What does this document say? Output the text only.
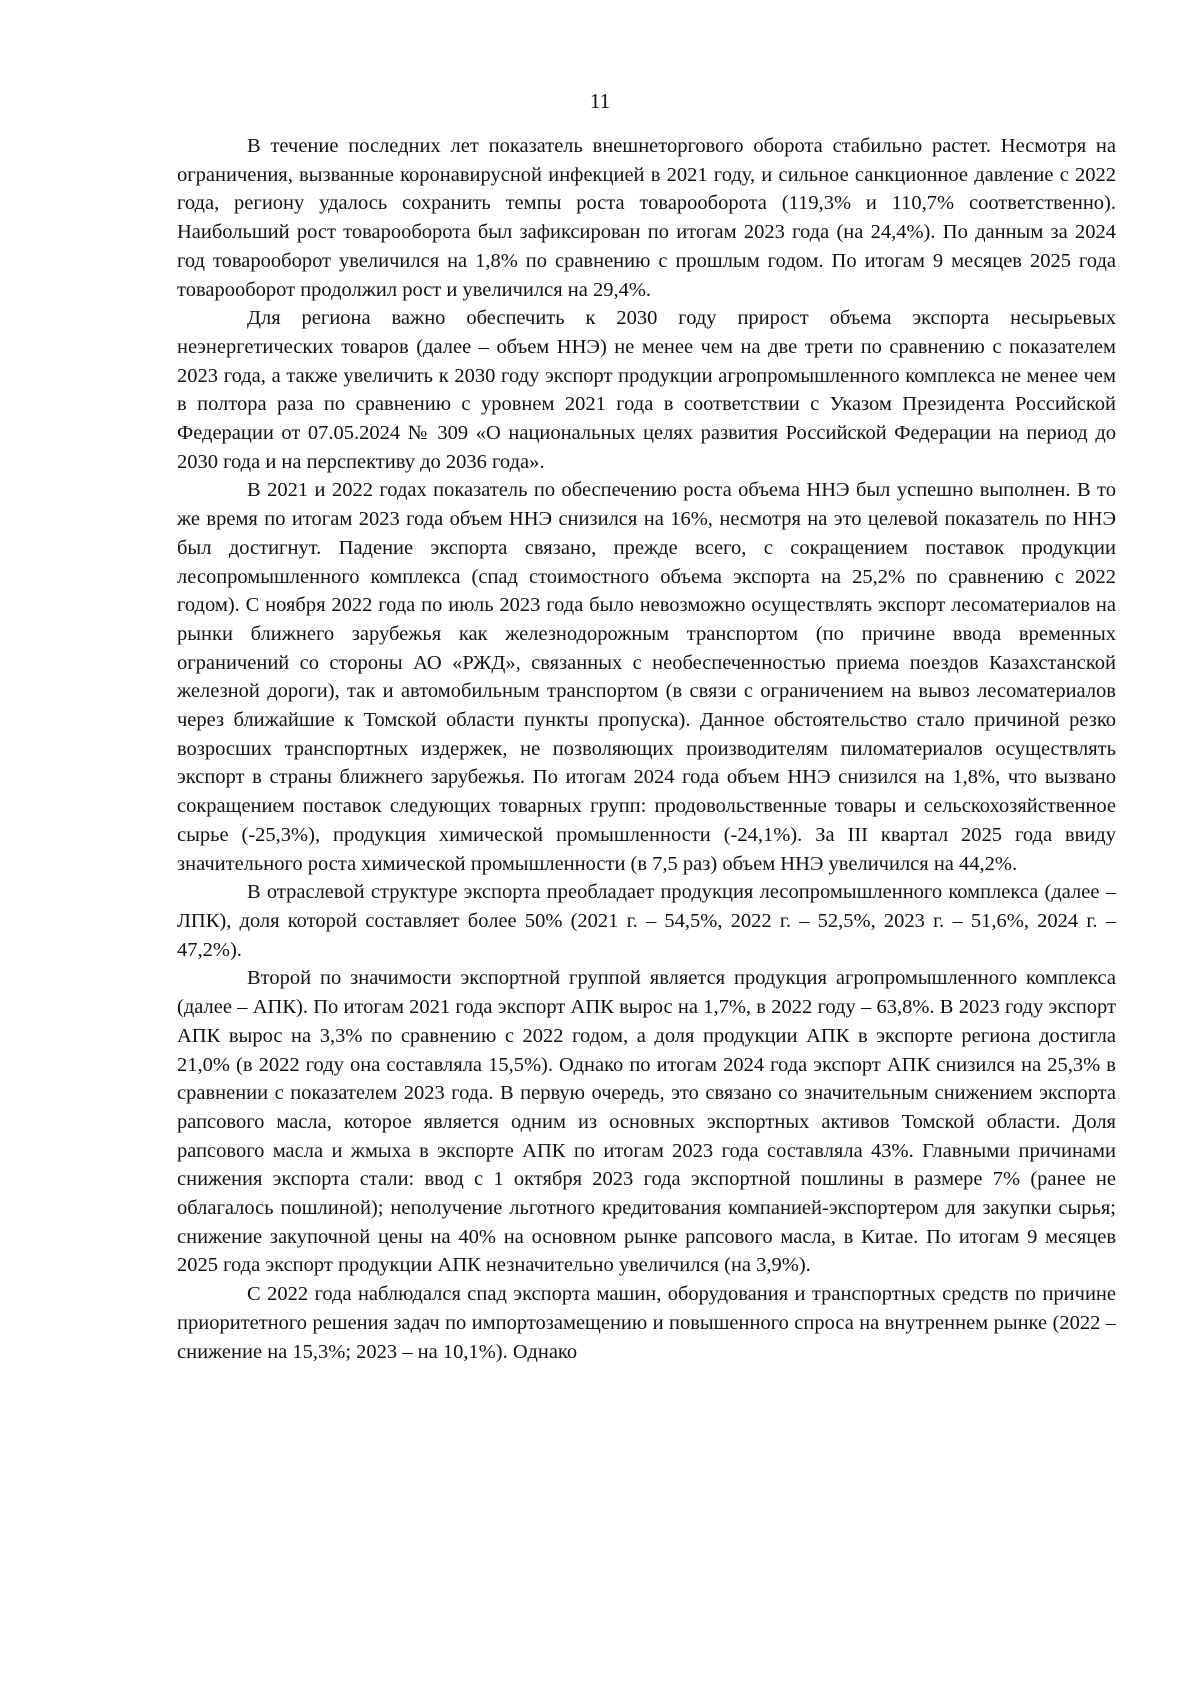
11

В течение последних лет показатель внешнеторгового оборота стабильно растет. Несмотря на ограничения, вызванные коронавирусной инфекцией в 2021 году, и сильное санкционное давление с 2022 года, региону удалось сохранить темпы роста товарооборота (119,3% и 110,7% соответственно). Наибольший рост товарооборота был зафиксирован по итогам 2023 года (на 24,4%). По данным за 2024 год товарооборот увеличился на 1,8% по сравнению с прошлым годом. По итогам 9 месяцев 2025 года товарооборот продолжил рост и увеличился на 29,4%.

Для региона важно обеспечить к 2030 году прирост объема экспорта несырьевых неэнергетических товаров (далее – объем ННЭ) не менее чем на две трети по сравнению с показателем 2023 года, а также увеличить к 2030 году экспорт продукции агропромышленного комплекса не менее чем в полтора раза по сравнению с уровнем 2021 года в соответствии с Указом Президента Российской Федерации от 07.05.2024 № 309 «О национальных целях развития Российской Федерации на период до 2030 года и на перспективу до 2036 года».

В 2021 и 2022 годах показатель по обеспечению роста объема ННЭ был успешно выполнен. В то же время по итогам 2023 года объем ННЭ снизился на 16%, несмотря на это целевой показатель по ННЭ был достигнут. Падение экспорта связано, прежде всего, с сокращением поставок продукции лесопромышленного комплекса (спад стоимостного объема экспорта на 25,2% по сравнению с 2022 годом). С ноября 2022 года по июль 2023 года было невозможно осуществлять экспорт лесоматериалов на рынки ближнего зарубежья как железнодорожным транспортом (по причине ввода временных ограничений со стороны АО «РЖД», связанных с необеспеченностью приема поездов Казахстанской железной дороги), так и автомобильным транспортом (в связи с ограничением на вывоз лесоматериалов через ближайшие к Томской области пункты пропуска). Данное обстоятельство стало причиной резко возросших транспортных издержек, не позволяющих производителям пиломатериалов осуществлять экспорт в страны ближнего зарубежья. По итогам 2024 года объем ННЭ снизился на 1,8%, что вызвано сокращением поставок следующих товарных групп: продовольственные товары и сельскохозяйственное сырье (-25,3%), продукция химической промышленности (-24,1%). За III квартал 2025 года ввиду значительного роста химической промышленности (в 7,5 раз) объем ННЭ увеличился на 44,2%.

В отраслевой структуре экспорта преобладает продукция лесопромышленного комплекса (далее – ЛПК), доля которой составляет более 50% (2021 г. – 54,5%, 2022 г. – 52,5%, 2023 г. – 51,6%, 2024 г. – 47,2%).

Второй по значимости экспортной группой является продукция агропромышленного комплекса (далее – АПК). По итогам 2021 года экспорт АПК вырос на 1,7%, в 2022 году – 63,8%. В 2023 году экспорт АПК вырос на 3,3% по сравнению с 2022 годом, а доля продукции АПК в экспорте региона достигла 21,0% (в 2022 году она составляла 15,5%). Однако по итогам 2024 года экспорт АПК снизился на 25,3% в сравнении с показателем 2023 года. В первую очередь, это связано со значительным снижением экспорта рапсового масла, которое является одним из основных экспортных активов Томской области. Доля рапсового масла и жмыха в экспорте АПК по итогам 2023 года составляла 43%. Главными причинами снижения экспорта стали: ввод с 1 октября 2023 года экспортной пошлины в размере 7% (ранее не облагалось пошлиной); неполучение льготного кредитования компанией-экспортером для закупки сырья; снижение закупочной цены на 40% на основном рынке рапсового масла, в Китае. По итогам 9 месяцев 2025 года экспорт продукции АПК незначительно увеличился (на 3,9%).

С 2022 года наблюдался спад экспорта машин, оборудования и транспортных средств по причине приоритетного решения задач по импортозамещению и повышенного спроса на внутреннем рынке (2022 – снижение на 15,3%; 2023 – на 10,1%). Однако
